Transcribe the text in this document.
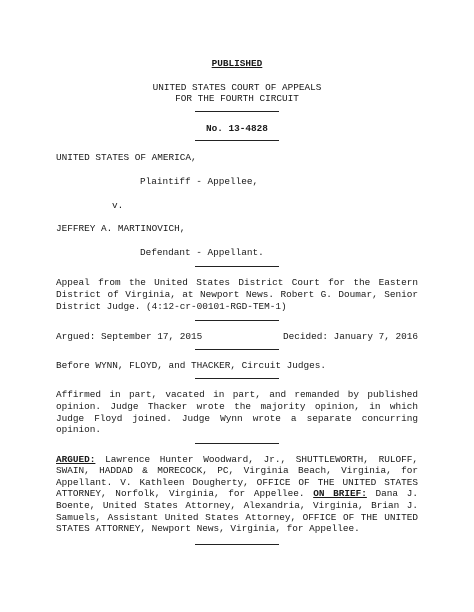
PUBLISHED

UNITED STATES COURT OF APPEALS

FOR THE FOURTH CIRCUIT

No. 13-4828

UNITED STATES OF AMERICA,

Plaintiff - Appellee,

v.

JEFFREY A. MARTINOVICH,

Defendant - Appellant.

Appeal from the United States District Court for the Eastern District of Virginia, at Newport News. Robert G. Doumar, Senior District Judge. (4:12-cr-00101-RGD-TEM-1)

Argued: September 17, 2015	Decided: January 7, 2016

Before WYNN, FLOYD, and THACKER, Circuit Judges.

Affirmed in part, vacated in part, and remanded by published opinion. Judge Thacker wrote the majority opinion, in which Judge Floyd joined. Judge Wynn wrote a separate concurring opinion.

ARGUED: Lawrence Hunter Woodward, Jr., SHUTTLEWORTH, RULOFF, SWAIN, HADDAD & MORECOCK, PC, Virginia Beach, Virginia, for Appellant. V. Kathleen Dougherty, OFFICE OF THE UNITED STATES ATTORNEY, Norfolk, Virginia, for Appellee. ON BRIEF: Dana J. Boente, United States Attorney, Alexandria, Virginia, Brian J. Samuels, Assistant United States Attorney, OFFICE OF THE UNITED STATES ATTORNEY, Newport News, Virginia, for Appellee.
